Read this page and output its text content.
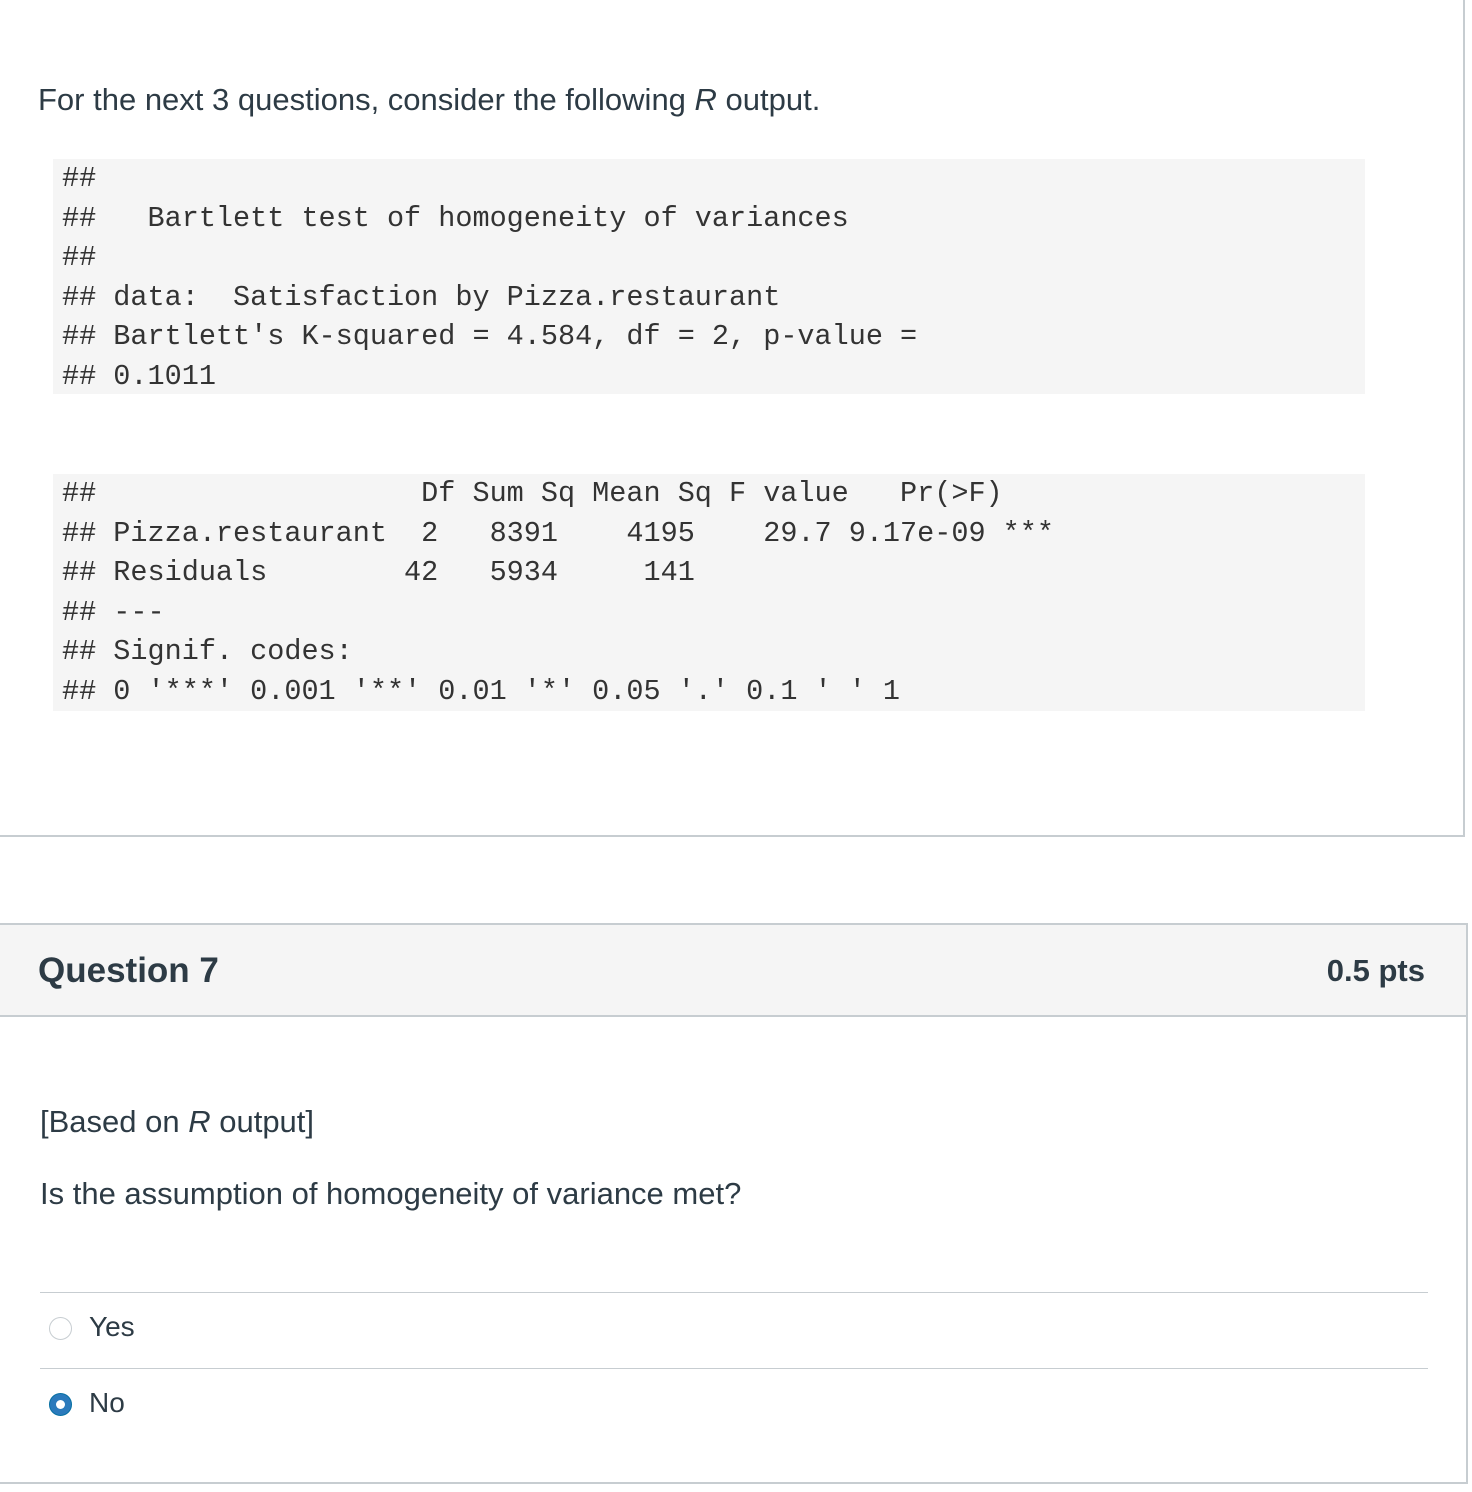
For the next 3 questions, consider the following R output.
##
##   Bartlett test of homogeneity of variances
##
## data:  Satisfaction by Pizza.restaurant
## Bartlett's K-squared = 4.584, df = 2, p-value =
## 0.1011
##                   Df Sum Sq Mean Sq F value   Pr(>F)
## Pizza.restaurant  2   8391    4195    29.7 9.17e-09 ***
## Residuals        42   5934     141
## ---
## Signif. codes:
## 0 '***' 0.001 '**' 0.01 '*' 0.05 '.' 0.1 ' ' 1
Question 7	0.5 pts
[Based on R output]
Is the assumption of homogeneity of variance met?
Yes
No
